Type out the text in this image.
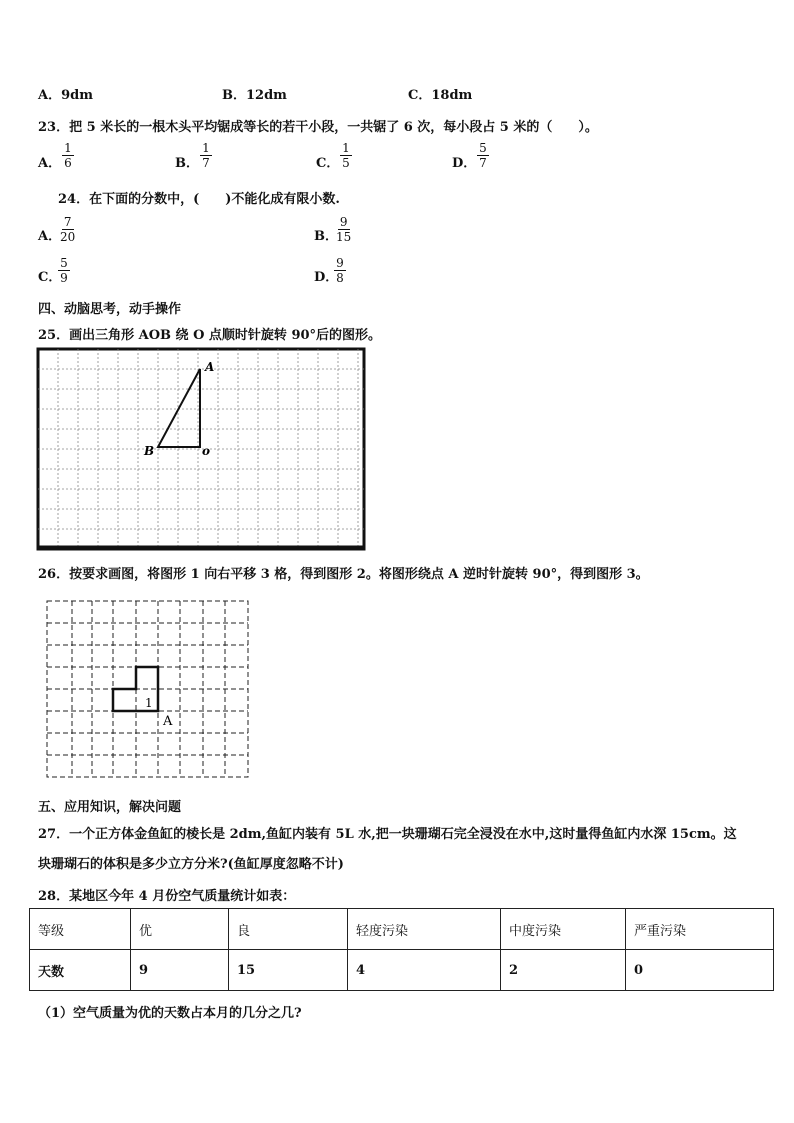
A．9dm	B．12dm	C．18dm
23．把 5 米长的一根木头平均锯成等长的若干小段，一共锯了 6 次，每小段占 5 米的（　　）。
A．
1
6	B．
1
7	C．
1
5	D．
5
7
24．在下面的分数中，(　　)不能化成有限小数.
A．
7
20	B．
9
15
C．
5
9	D．
9
8
四、动脑思考，动手操作
25．画出三角形 AOB 绕 O 点顺时针旋转 90°后的图形。
A
B	o
26．按要求画图，将图形 1 向右平移 3 格，得到图形 2。将图形绕点 A 逆时针旋转 90°，得到图形 3。
1
A
五、应用知识，解决问题
27．一个正方体金鱼缸的棱长是 2dm,鱼缸内装有 5L 水,把一块珊瑚石完全浸没在水中,这时量得鱼缸内水深 15cm。这
块珊瑚石的体积是多少立方分米?(鱼缸厚度忽略不计)
28．某地区今年 4 月份空气质量统计如表：
等级	优	良	轻度污染	中度污染	严重污染
天数	9	15	4	2	0
（1）空气质量为优的天数占本月的几分之几?
